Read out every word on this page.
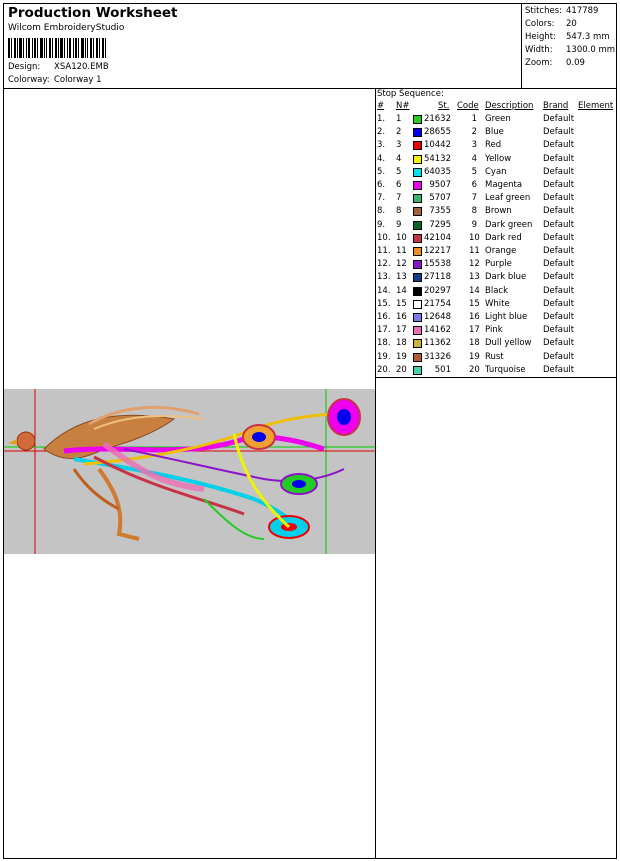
Production Worksheet
Wilcom EmbroideryStudio
Design: XSA120.EMB
Colorway: Colorway 1
Stitches: 417789
Colors: 20
Height: 547.3 mm
Width: 1300.0 mm
Zoom: 0.09
Stop Sequence:
# N#	St. Code Description Brand Element
1. 1	21632	1 Green	Default
2. 2	28655	2 Blue	Default
3. 3	10442	3 Red	Default
4. 4	54132	4 Yellow	Default
5. 5	64035	5 Cyan	Default
6. 6	9507	6 Magenta Default
7. 7	5707	7 Leaf green Default
8. 8	7355	8 Brown	Default
9. 9	7295	9 Dark green Default
10. 10 42104 10 Dark red Default
11. 11 12217 11 Orange	Default
12. 12 15538 12 Purple	Default
13. 13 27118 13 Dark blue Default
14. 14 20297 14 Black	Default
15. 15 21754 15 White	Default
16. 16 12648 16 Light blue Default
17. 17 14162 17 Pink	Default
18. 18 11362 18 Dull yellow Default
19. 19 31326 19 Rust	Default
20. 20	501 20 Turquoise Default
